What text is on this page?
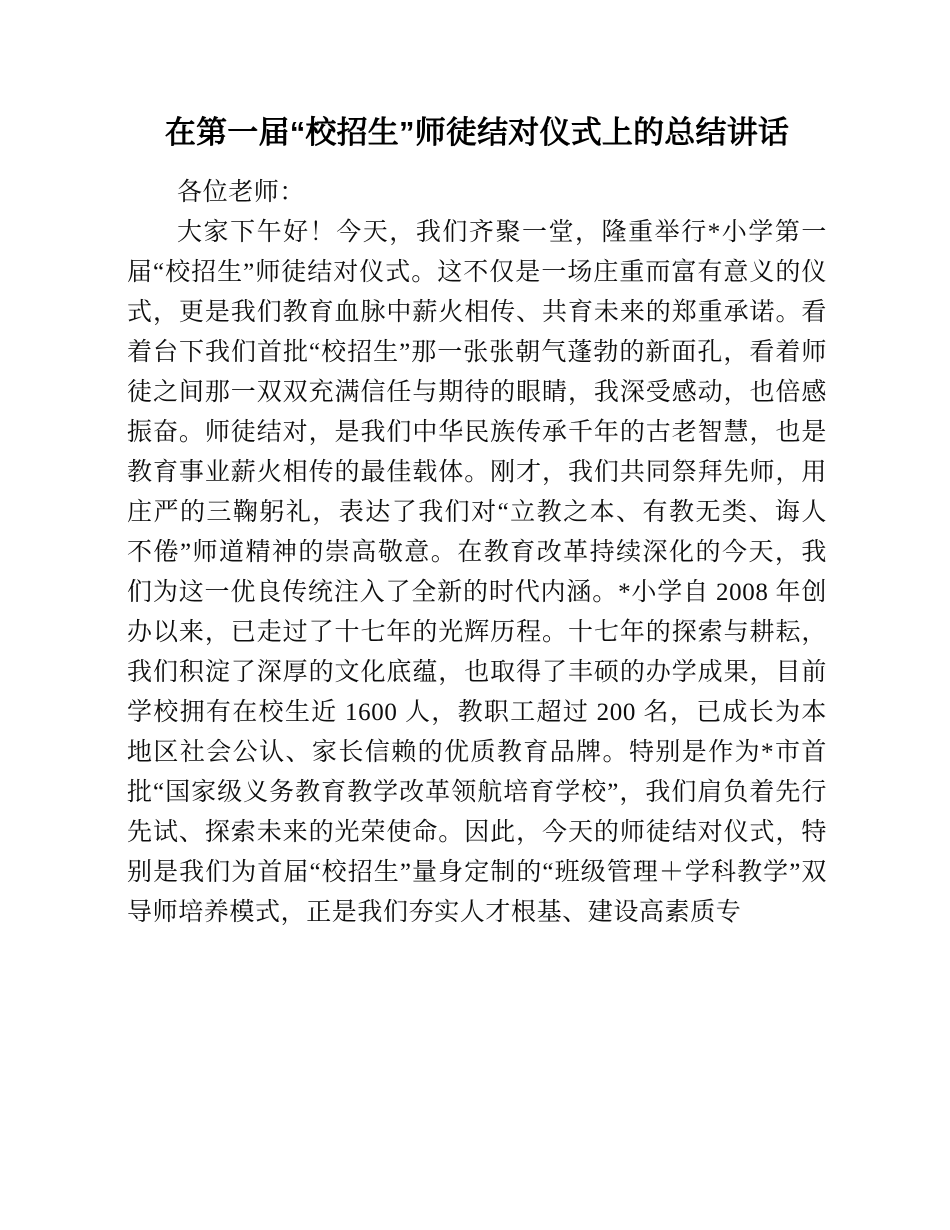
在第一届“校招生”师徒结对仪式上的总结讲话

各位老师：

大家下午好！今天，我们齐聚一堂，隆重举行*小学第一届“校招生”师徒结对仪式。这不仅是一场庄重而富有意义的仪式，更是我们教育血脉中薪火相传、共育未来的郑重承诺。看着台下我们首批“校招生”那一张张朝气蓬勃的新面孔，看着师徒之间那一双双充满信任与期待的眼睛，我深受感动，也倍感振奋。师徒结对，是我们中华民族传承千年的古老智慧，也是教育事业薪火相传的最佳载体。刚才，我们共同祭拜先师，用庄严的三鞠躬礼，表达了我们对“立教之本、有教无类、诲人不倦”师道精神的崇高敬意。在教育改革持续深化的今天，我们为这一优良传统注入了全新的时代内涵。*小学自 2008 年创办以来，已走过了十七年的光辉历程。十七年的探索与耕耘，我们积淀了深厚的文化底蕴，也取得了丰硕的办学成果，目前学校拥有在校生近 1600 人，教职工超过 200 名，已成长为本地区社会公认、家长信赖的优质教育品牌。特别是作为*市首批“国家级义务教育教学改革领航培育学校”，我们肩负着先行先试、探索未来的光荣使命。因此，今天的师徒结对仪式，特别是我们为首届“校招生”量身定制的“班级管理＋学科教学”双导师培养模式，正是我们夯实人才根基、建设高素质专
